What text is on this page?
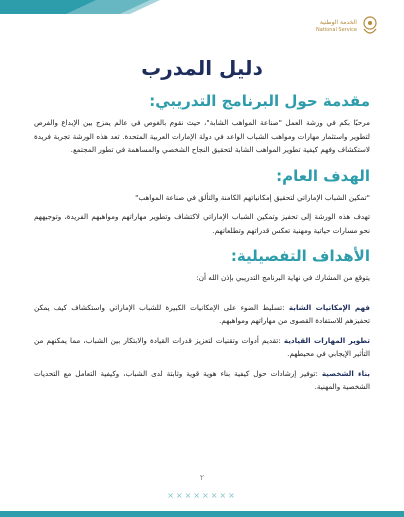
الخدمة الوطنية
National Service
دليل المدرب
مقدمة حول البرنامج التدريبي:

مرحبًا بكم في ورشة العمل "صناعة المواهب الشابة"، حيث نقوم بالغوص في عالم يمزج بين الإبداع والفرص لتطوير واستثمار مهارات ومواهب الشباب الواعد في دولة الإمارات العربية المتحدة. تعد هذه الورشة تجربة فريدة لاستكشاف وفهم كيفية تطوير المواهب الشابة لتحقيق النجاح الشخصي والمساهمة في تطور المجتمع.

الهدف العام:

"تمكين الشباب الإماراتي لتحقيق إمكانياتهم الكامنة والتألق في صناعة المواهب"

تهدف هذه الورشة إلى تحفيز وتمكين الشباب الإماراتي لاكتشاف وتطوير مهاراتهم ومواهبهم الفريدة، وتوجيههم نحو مسارات حياتية ومهنية تعكس قدراتهم وتطلعاتهم.

الأهداف التفصيلية:

يتوقع من المشارك في نهاية البرنامج التدريبي بإذن الله أن:

فهم الإمكانيات الشابة :تسليط الضوء على الإمكانيات الكبيرة للشباب الإماراتي واستكشاف كيف يمكن تحفيزهم للاستفادة القصوى من مهاراتهم ومواهبهم.

تطوير المهارات القيادية :تقديم أدوات وتقنيات لتعزيز قدرات القيادة والابتكار بين الشباب، مما يمكنهم من التأثير الإيجابي في محيطهم.

بناء الشخصية :توفير إرشادات حول كيفية بناء هوية قوية وثابتة لدى الشباب، وكيفية التعامل مع التحديات الشخصية والمهنية.

٢
××××××××
